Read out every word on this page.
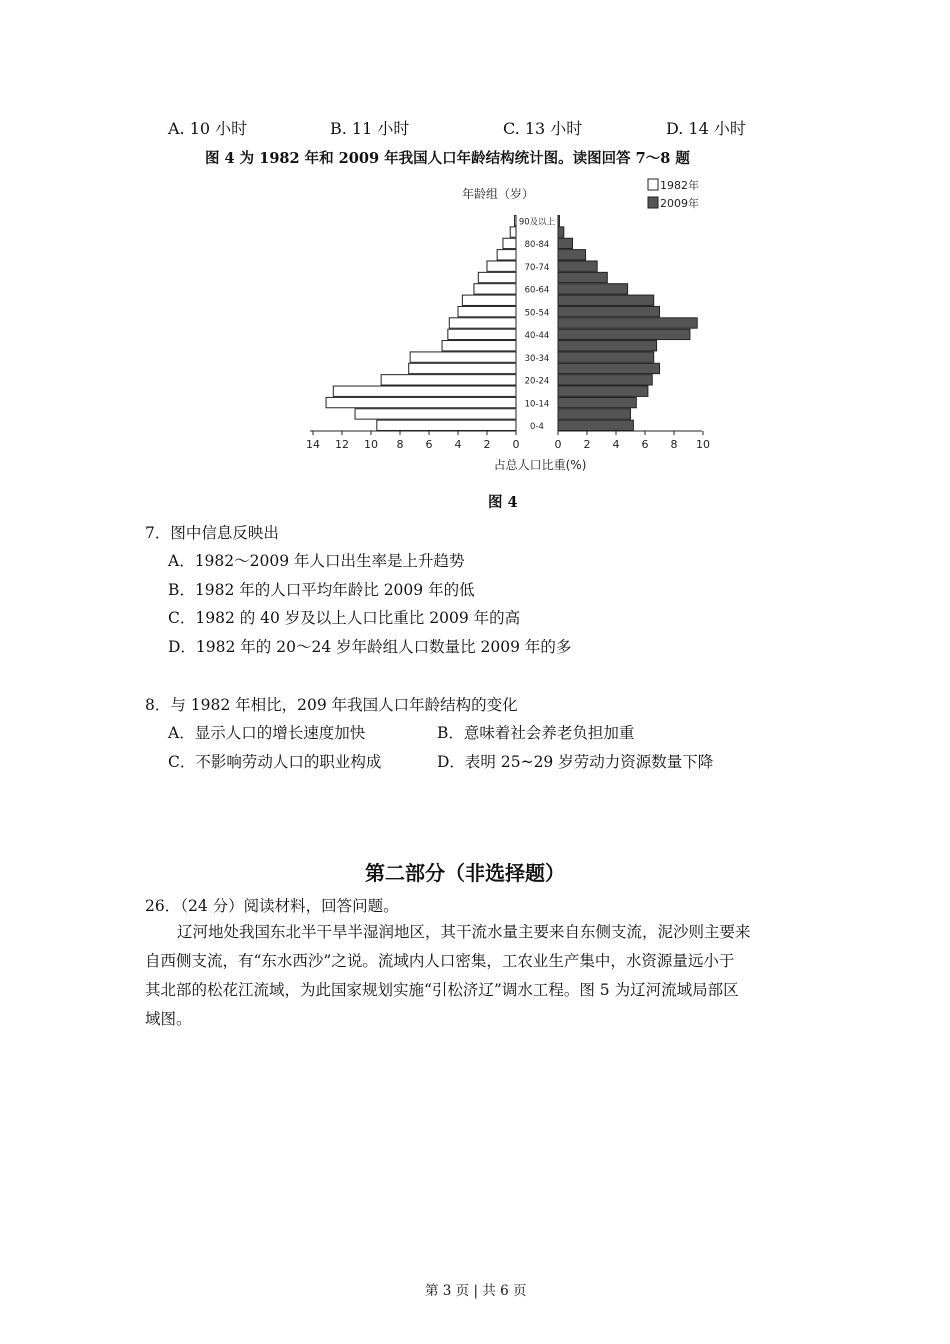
A. 10 小时	B. 11 小时	C. 13 小时	D. 14 小时
图 4 为 1982 年和 2009 年我国人口年龄结构统计图。读图回答 7～8 题
年龄组（岁）
1982年
2009年
90及以上
80-84
70-74
60-64
50-54
40-44
30-34
20-24
10-14
0-4
14 12 10 8 6 4 2 0	0 2 4 6 8 10
占总人口比重(%)
图 4
7．图中信息反映出
A．1982～2009 年人口出生率是上升趋势
B．1982 年的人口平均年龄比 2009 年的低
C．1982 的 40 岁及以上人口比重比 2009 年的高
D．1982 年的 20～24 岁年龄组人口数量比 2009 年的多
8．与 1982 年相比，209 年我国人口年龄结构的变化
A．显示人口的增长速度加快	B．意味着社会养老负担加重
C．不影响劳动人口的职业构成	D．表明 25~29 岁劳动力资源数量下降
第二部分（非选择题）
26．（24 分）阅读材料，回答问题。
辽河地处我国东北半干旱半湿润地区，其干流水量主要来自东侧支流，泥沙则主要来
自西侧支流，有“东水西沙”之说。流域内人口密集，工农业生产集中，水资源量远小于
其北部的松花江流域，为此国家规划实施“引松济辽”调水工程。图 5 为辽河流域局部区
域图。
第 3 页 | 共 6 页
